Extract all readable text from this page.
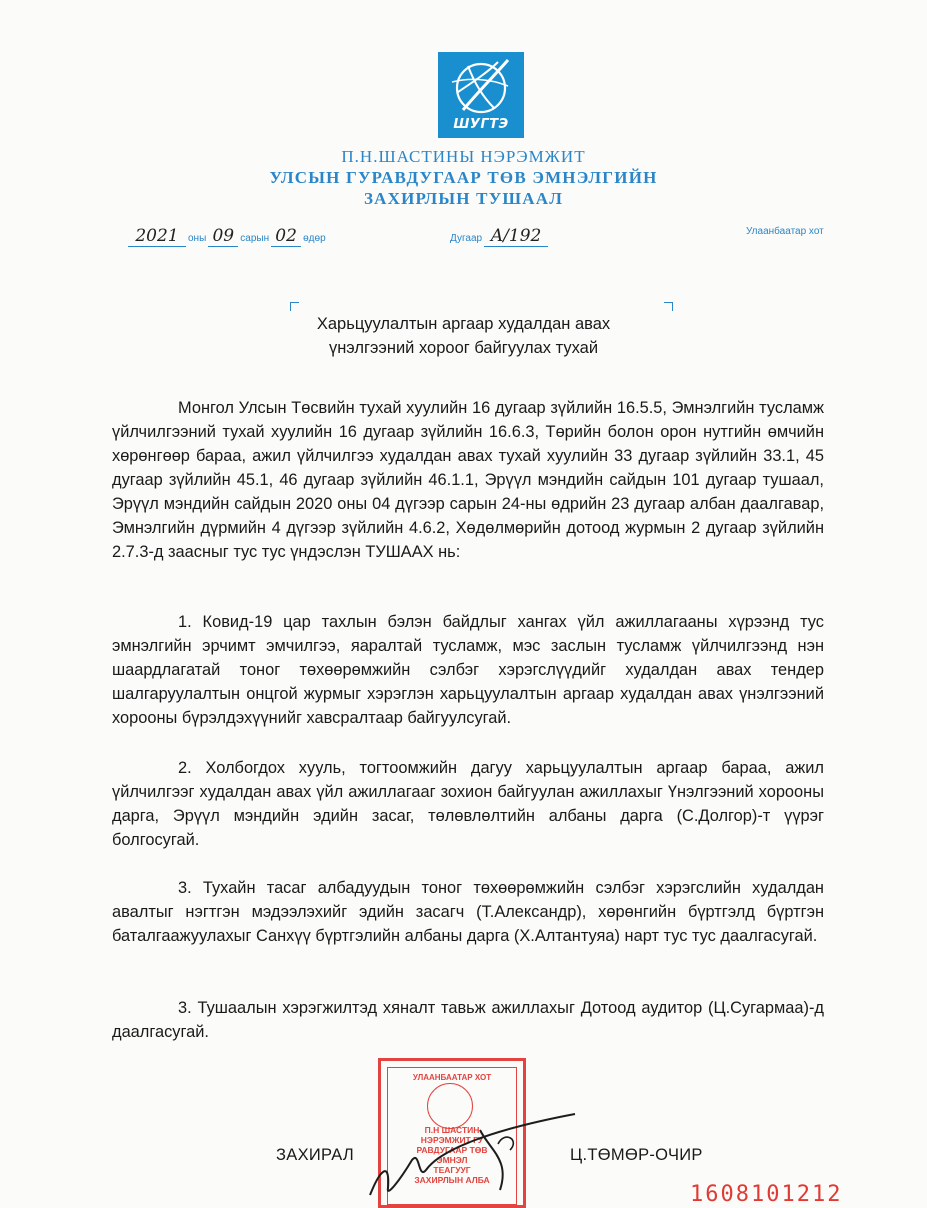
ШУГТЭ
П.Н.ШАСТИНЫ НЭРЭМЖИТ
УЛСЫН ГУРАВДУГААР ТӨВ ЭМНЭЛГИЙН
ЗАХИРЛЫН ТУШААЛ
2021 оны 09 сарын 02 өдөр	Дугаар A/192	Улаанбаатар хот
Харьцуулалтын аргаар худалдан авах
үнэлгээний хороог байгуулах тухай
Монгол Улсын Төсвийн тухай хуулийн 16 дугаар зүйлийн 16.5.5, Эмнэлгийн тусламж үйлчилгээний тухай хуулийн 16 дугаар зүйлийн 16.6.3, Төрийн болон орон нутгийн өмчийн хөрөнгөөр бараа, ажил үйлчилгээ худалдан авах тухай хуулийн 33 дугаар зүйлийн 33.1, 45 дугаар зүйлийн 45.1, 46 дугаар зүйлийн 46.1.1, Эрүүл мэндийн сайдын 101 дугаар тушаал, Эрүүл мэндийн сайдын 2020 оны 04 дүгээр сарын 24-ны өдрийн 23 дугаар албан даалгавар, Эмнэлгийн дүрмийн 4 дүгээр зүйлийн 4.6.2, Хөдөлмөрийн дотоод журмын 2 дугаар зүйлийн 2.7.3-д заасныг тус тус үндэслэн ТУШААХ нь:
1. Ковид-19 цар тахлын бэлэн байдлыг хангах үйл ажиллагааны хүрээнд тус эмнэлгийн эрчимт эмчилгээ, яаралтай тусламж, мэс заслын тусламж үйлчилгээнд нэн шаардлагатай тоног төхөөрөмжийн сэлбэг хэрэгслүүдийг худалдан авах тендер шалгаруулалтын онцгой журмыг хэрэглэн харьцуулалтын аргаар худалдан авах үнэлгээний хорооны бүрэлдэхүүнийг хавсралтаар байгуулсугай.
2. Холбогдох хууль, тогтоомжийн дагуу харьцуулалтын аргаар бараа, ажил үйлчилгээг худалдан авах үйл ажиллагааг зохион байгуулан ажиллахыг Үнэлгээний хорооны дарга, Эрүүл мэндийн эдийн засаг, төлөвлөлтийн албаны дарга (С.Долгор)-т үүрэг болгосугай.
3. Тухайн тасаг албадуудын тоног төхөөрөмжийн сэлбэг хэрэгслийн худалдан авалтыг нэгтгэн мэдээлэхийг эдийн засагч (Т.Александр), хөрөнгийн бүртгэлд бүртгэн баталгаажуулахыг Санхүү бүртгэлийн албаны дарга (Х.Алтантуяа) нарт тус тус даалгасугай.
3. Тушаалын хэрэгжилтэд хяналт тавьж ажиллахыг Дотоод аудитор (Ц.Сугармаа)-д даалгасугай.
УЛААНБААТАР ХОТ
П.Н ШАСТИН
НЭРЭМЖИТ ГУ
РАВДУГААР ТӨВ
ЭМНЭЛ
ТЕАГУУГ
ЗАХИРЛЫН АЛБА
ЗАХИРАЛ	Ц.ТӨМӨР-ОЧИР
1608101212
